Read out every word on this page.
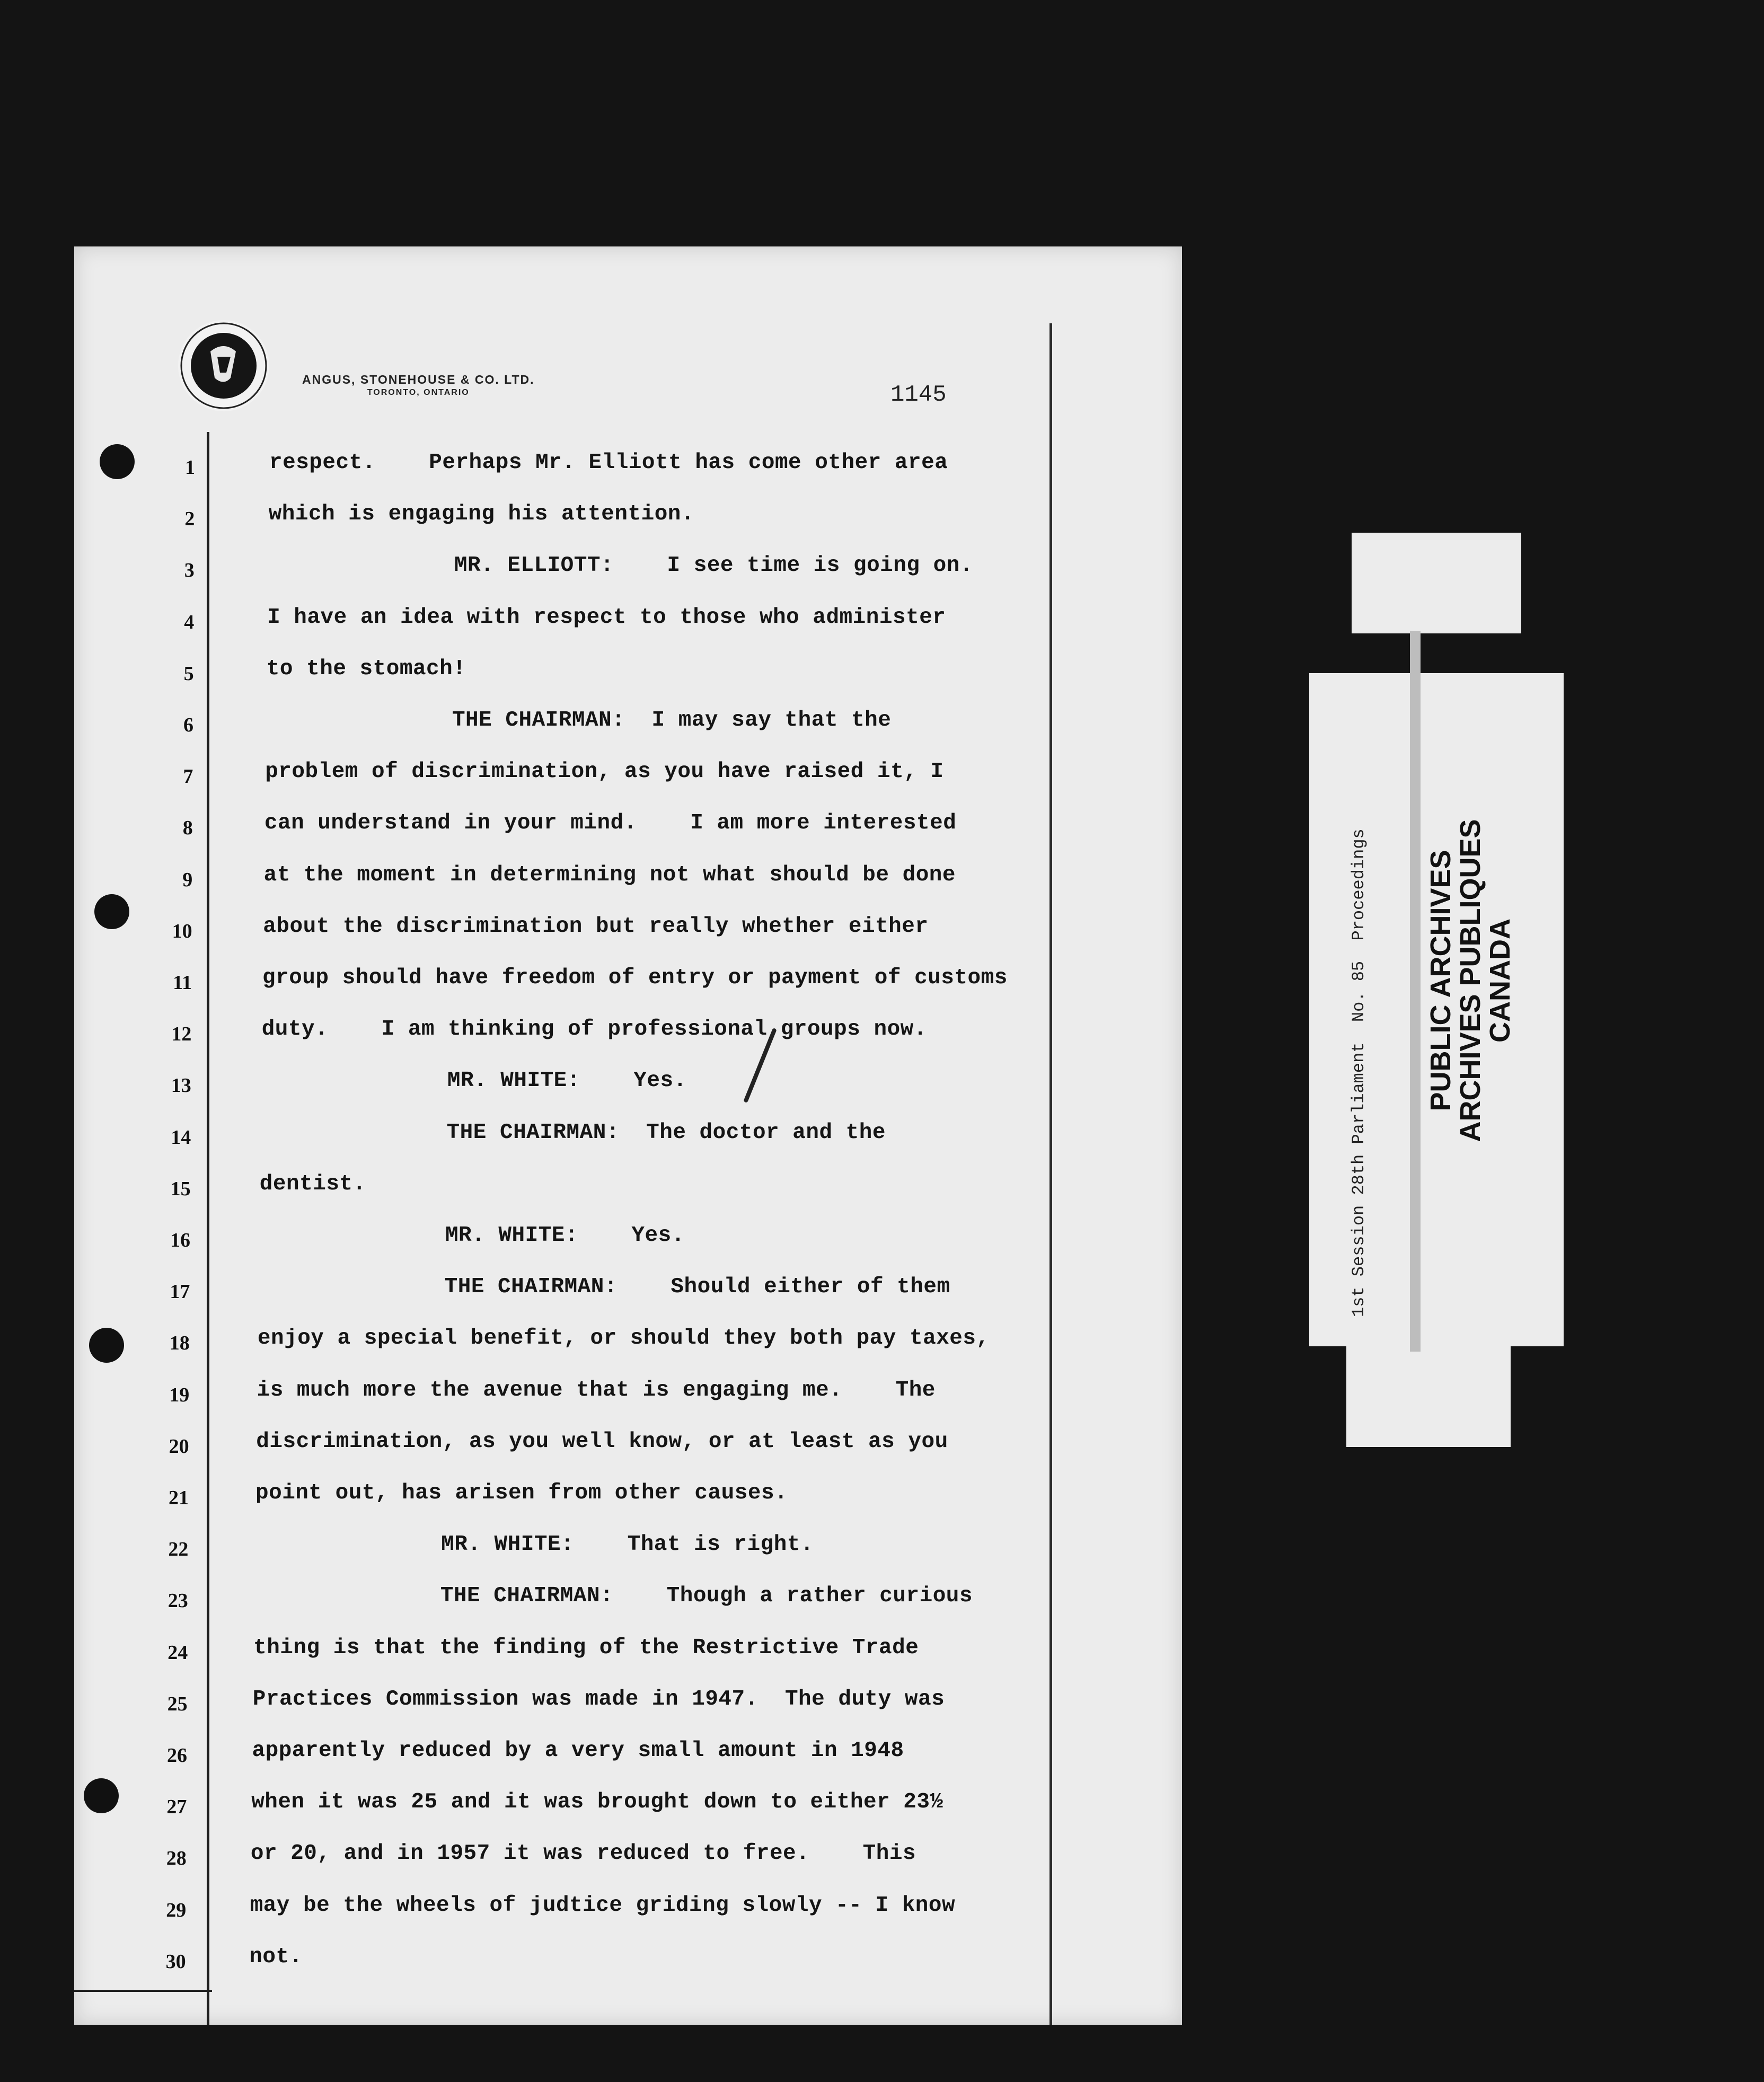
ANGUS, STONEHOUSE & CO. LTD.
TORONTO, ONTARIO	1145
1
2
3
4
5
6
7
8
9
10
11
12
13
14
15
16
17
18
19
20
21
22
23
24
25
26
27
28
29
30
respect.    Perhaps Mr. Elliott has come other area
which is engaging his attention.
MR. ELLIOTT:    I see time is going on.
I have an idea with respect to those who administer
to the stomach!
THE CHAIRMAN:  I may say that the
problem of discrimination, as you have raised it, I
can understand in your mind.    I am more interested
at the moment in determining not what should be done
about the discrimination but really whether either
group should have freedom of entry or payment of customs
duty.    I am thinking of professional groups now.
MR. WHITE:    Yes.
THE CHAIRMAN:  The doctor and the
dentist.
MR. WHITE:    Yes.
THE CHAIRMAN:    Should either of them
enjoy a special benefit, or should they both pay taxes,
is much more the avenue that is engaging me.    The
discrimination, as you well know, or at least as you
point out, has arisen from other causes.
MR. WHITE:    That is right.
THE CHAIRMAN:    Though a rather curious
thing is that the finding of the Restrictive Trade
Practices Commission was made in 1947.  The duty was
apparently reduced by a very small amount in 1948
when it was 25 and it was brought down to either 23½
or 20, and in 1957 it was reduced to free.    This
may be the wheels of judtice griding slowly -- I know
not.
1st Session 28th Parliament  No. 85  Proceedings PUBLIC ARCHIVES
ARCHIVES PUBLIQUES
CANADA
